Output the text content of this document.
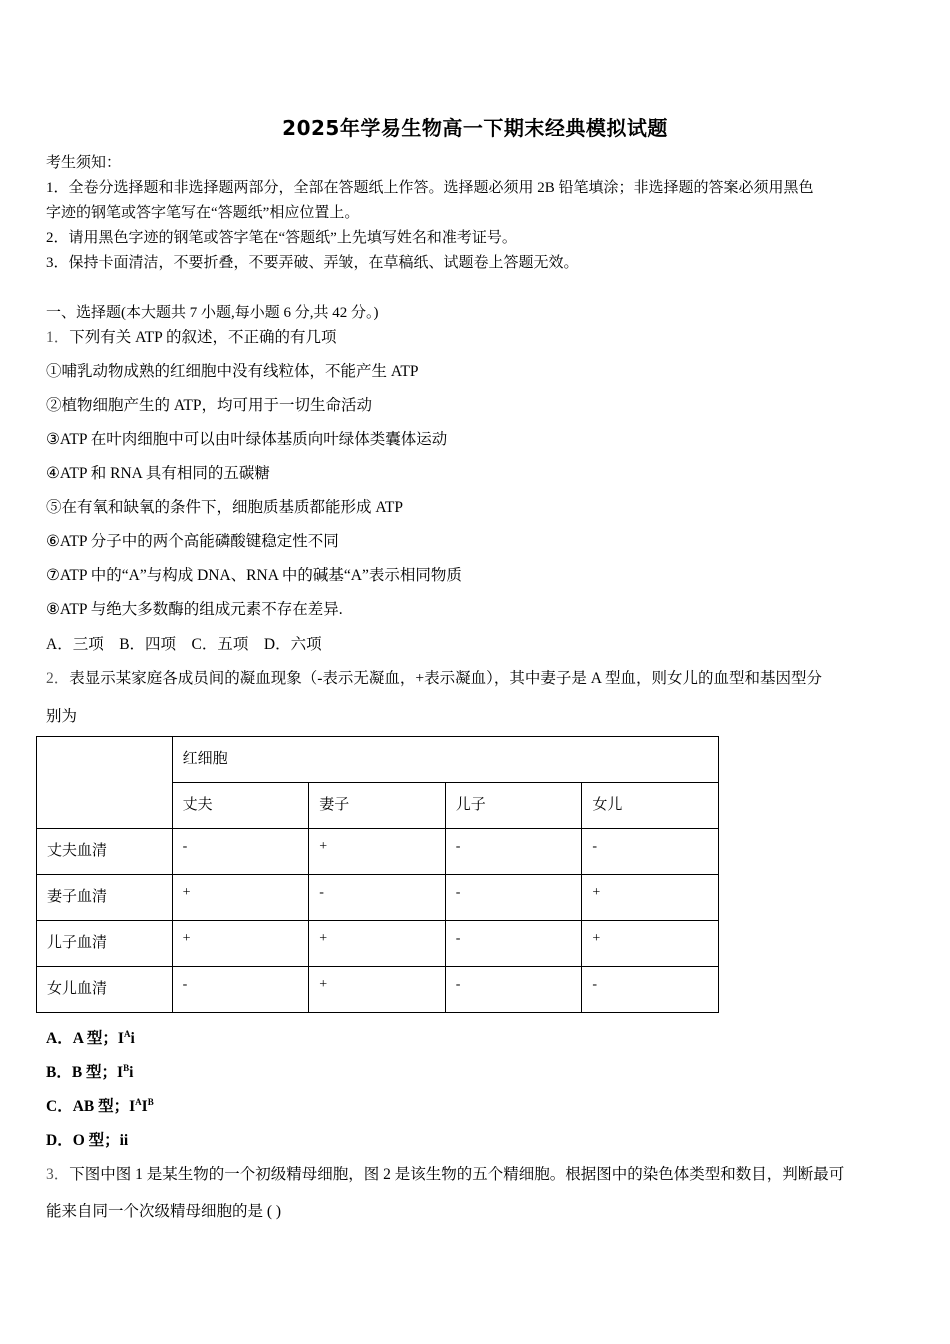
2025年学易生物高一下期末经典模拟试题
考生须知：
1．全卷分选择题和非选择题两部分，全部在答题纸上作答。选择题必须用 2B 铅笔填涂；非选择题的答案必须用黑色
字迹的钢笔或答字笔写在“答题纸”相应位置上。
2．请用黑色字迹的钢笔或答字笔在“答题纸”上先填写姓名和准考证号。
3．保持卡面清洁，不要折叠，不要弄破、弄皱，在草稿纸、试题卷上答题无效。
一、选择题(本大题共 7 小题,每小题 6 分,共 42 分。)
1．下列有关 ATP 的叙述，不正确的有几项
①哺乳动物成熟的红细胞中没有线粒体，不能产生 ATP
②植物细胞产生的 ATP，均可用于一切生命活动
③ATP 在叶肉细胞中可以由叶绿体基质向叶绿体类囊体运动
④ATP 和 RNA 具有相同的五碳糖
⑤在有氧和缺氧的条件下，细胞质基质都能形成 ATP
⑥ATP 分子中的两个高能磷酸键稳定性不同
⑦ATP 中的“A”与构成 DNA、RNA 中的碱基“A”表示相同物质
⑧ATP 与绝大多数酶的组成元素不存在差异.
A．三项　B．四项　C．五项　D．六项
2．表显示某家庭各成员间的凝血现象（-表示无凝血，+表示凝血），其中妻子是 A 型血，则女儿的血型和基因型分
别为
	红细胞			
	丈夫	妻子	儿子	女儿
丈夫血清	-	+	-	-
妻子血清	+	-	-	+
儿子血清	+	+	-	+
女儿血清	-	+	-	-
A．A 型；$I^Ai$
B．B 型；$I^Bi$
C．AB 型；$I^AI^B$
D．O 型；ii
3．下图中图 1 是某生物的一个初级精母细胞，图 2 是该生物的五个精细胞。根据图中的染色体类型和数目，判断最可
能来自同一个次级精母细胞的是 ( )
